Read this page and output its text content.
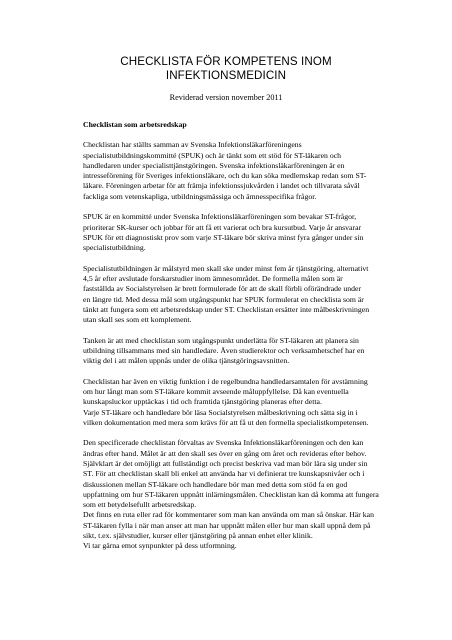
CHECKLISTA FÖR KOMPETENS INOM
INFEKTIONSMEDICIN
Reviderad version november 2011
Checklistan som arbetsredskap
Checklistan har ställts samman av Svenska Infektionsläkarföreningens
specialistutbildningskommitté (SPUK) och är tänkt som ett stöd för ST-läkaren och
handledaren under specialisttjänstgöringen. Svenska infektionsläkarföreningen är en
intresseförening för Sveriges infektionsläkare, och du kan söka medlemskap redan som ST-
läkare. Föreningen arbetar för att främja infektionssjukvården i landet och tillvarata såväl
fackliga som vetenskapliga, utbildningsmässiga och ämnesspecifika frågor.
SPUK är en kommitté under Svenska Infektionsläkarföreningen som bevakar ST-frågor,
prioriterar SK-kurser och jobbar för att få ett varierat och bra kursutbud. Varje år ansvarar
SPUK för ett diagnostiskt prov som varje ST-läkare bör skriva minst fyra gånger under sin
specialistutbildning.
Specialistutbildningen är målstyrd men skall ske under minst fem år tjänstgöring, alternativt
4,5 år efter avslutade forskarstudier inom ämnesområdet. De formella målen som är
fastställda av Socialstyrelsen är brett formulerade för att de skall förbli oförändrade under
en längre tid. Med dessa mål som utgångspunkt har SPUK formulerat en checklista som är
tänkt att fungera som ett arbetsredskap under ST. Checklistan ersätter inte målbeskrivningen
utan skall ses som ett komplement.
Tanken är att med checklistan som utgångspunkt underlätta för ST-läkaren att planera sin
utbildning tillsammans med sin handledare. Även studierektor och verksamhetschef har en
viktig del i att målen uppnås under de olika tjänstgöringsavsnitten.
Checklistan har även en viktig funktion i de regelbundna handledarsamtalen för avstämning
om hur långt man som ST-läkare kommit avseende måluppfyllelse. Då kan eventuella
kunskapsluckor upptäckas i tid och framtida tjänstgöring planeras efter detta.
Varje ST-läkare och handledare bör läsa Socialstyrelsen målbeskrivning och sätta sig in i
vilken dokumentation med mera som krävs för att få ut den formella specialistkompetensen.
Den specificerade checklistan förvaltas av Svenska Infektionsläkarföreningen och den kan
ändras efter hand. Målet är att den skall ses över en gång om året och revideras efter behov.
Självklart är det omöjligt att fullständigt och precist beskriva vad man bör lära sig under sin
ST. För att checklistan skall bli enkel att använda har vi definierat tre kunskapsnivåer och i
diskussionen mellan ST-läkare och handledare bör man med detta som stöd fa en god
uppfattning om hur ST-läkaren uppnått inlärningsmålen. Checklistan kan då komma att fungera
som ett betydelsefullt arbetsredskap.
Det finns en ruta eller rad för kommentarer som man kan använda om man så önskar. Här kan
ST-läkaren fylla i när man anser att man har uppnått målen eller hur man skall uppnå dem på
sikt, t.ex. självstudier, kurser eller tjänstgöring på annan enhet eller klinik.
Vi tar gärna emot synpunkter på dess utformning.
